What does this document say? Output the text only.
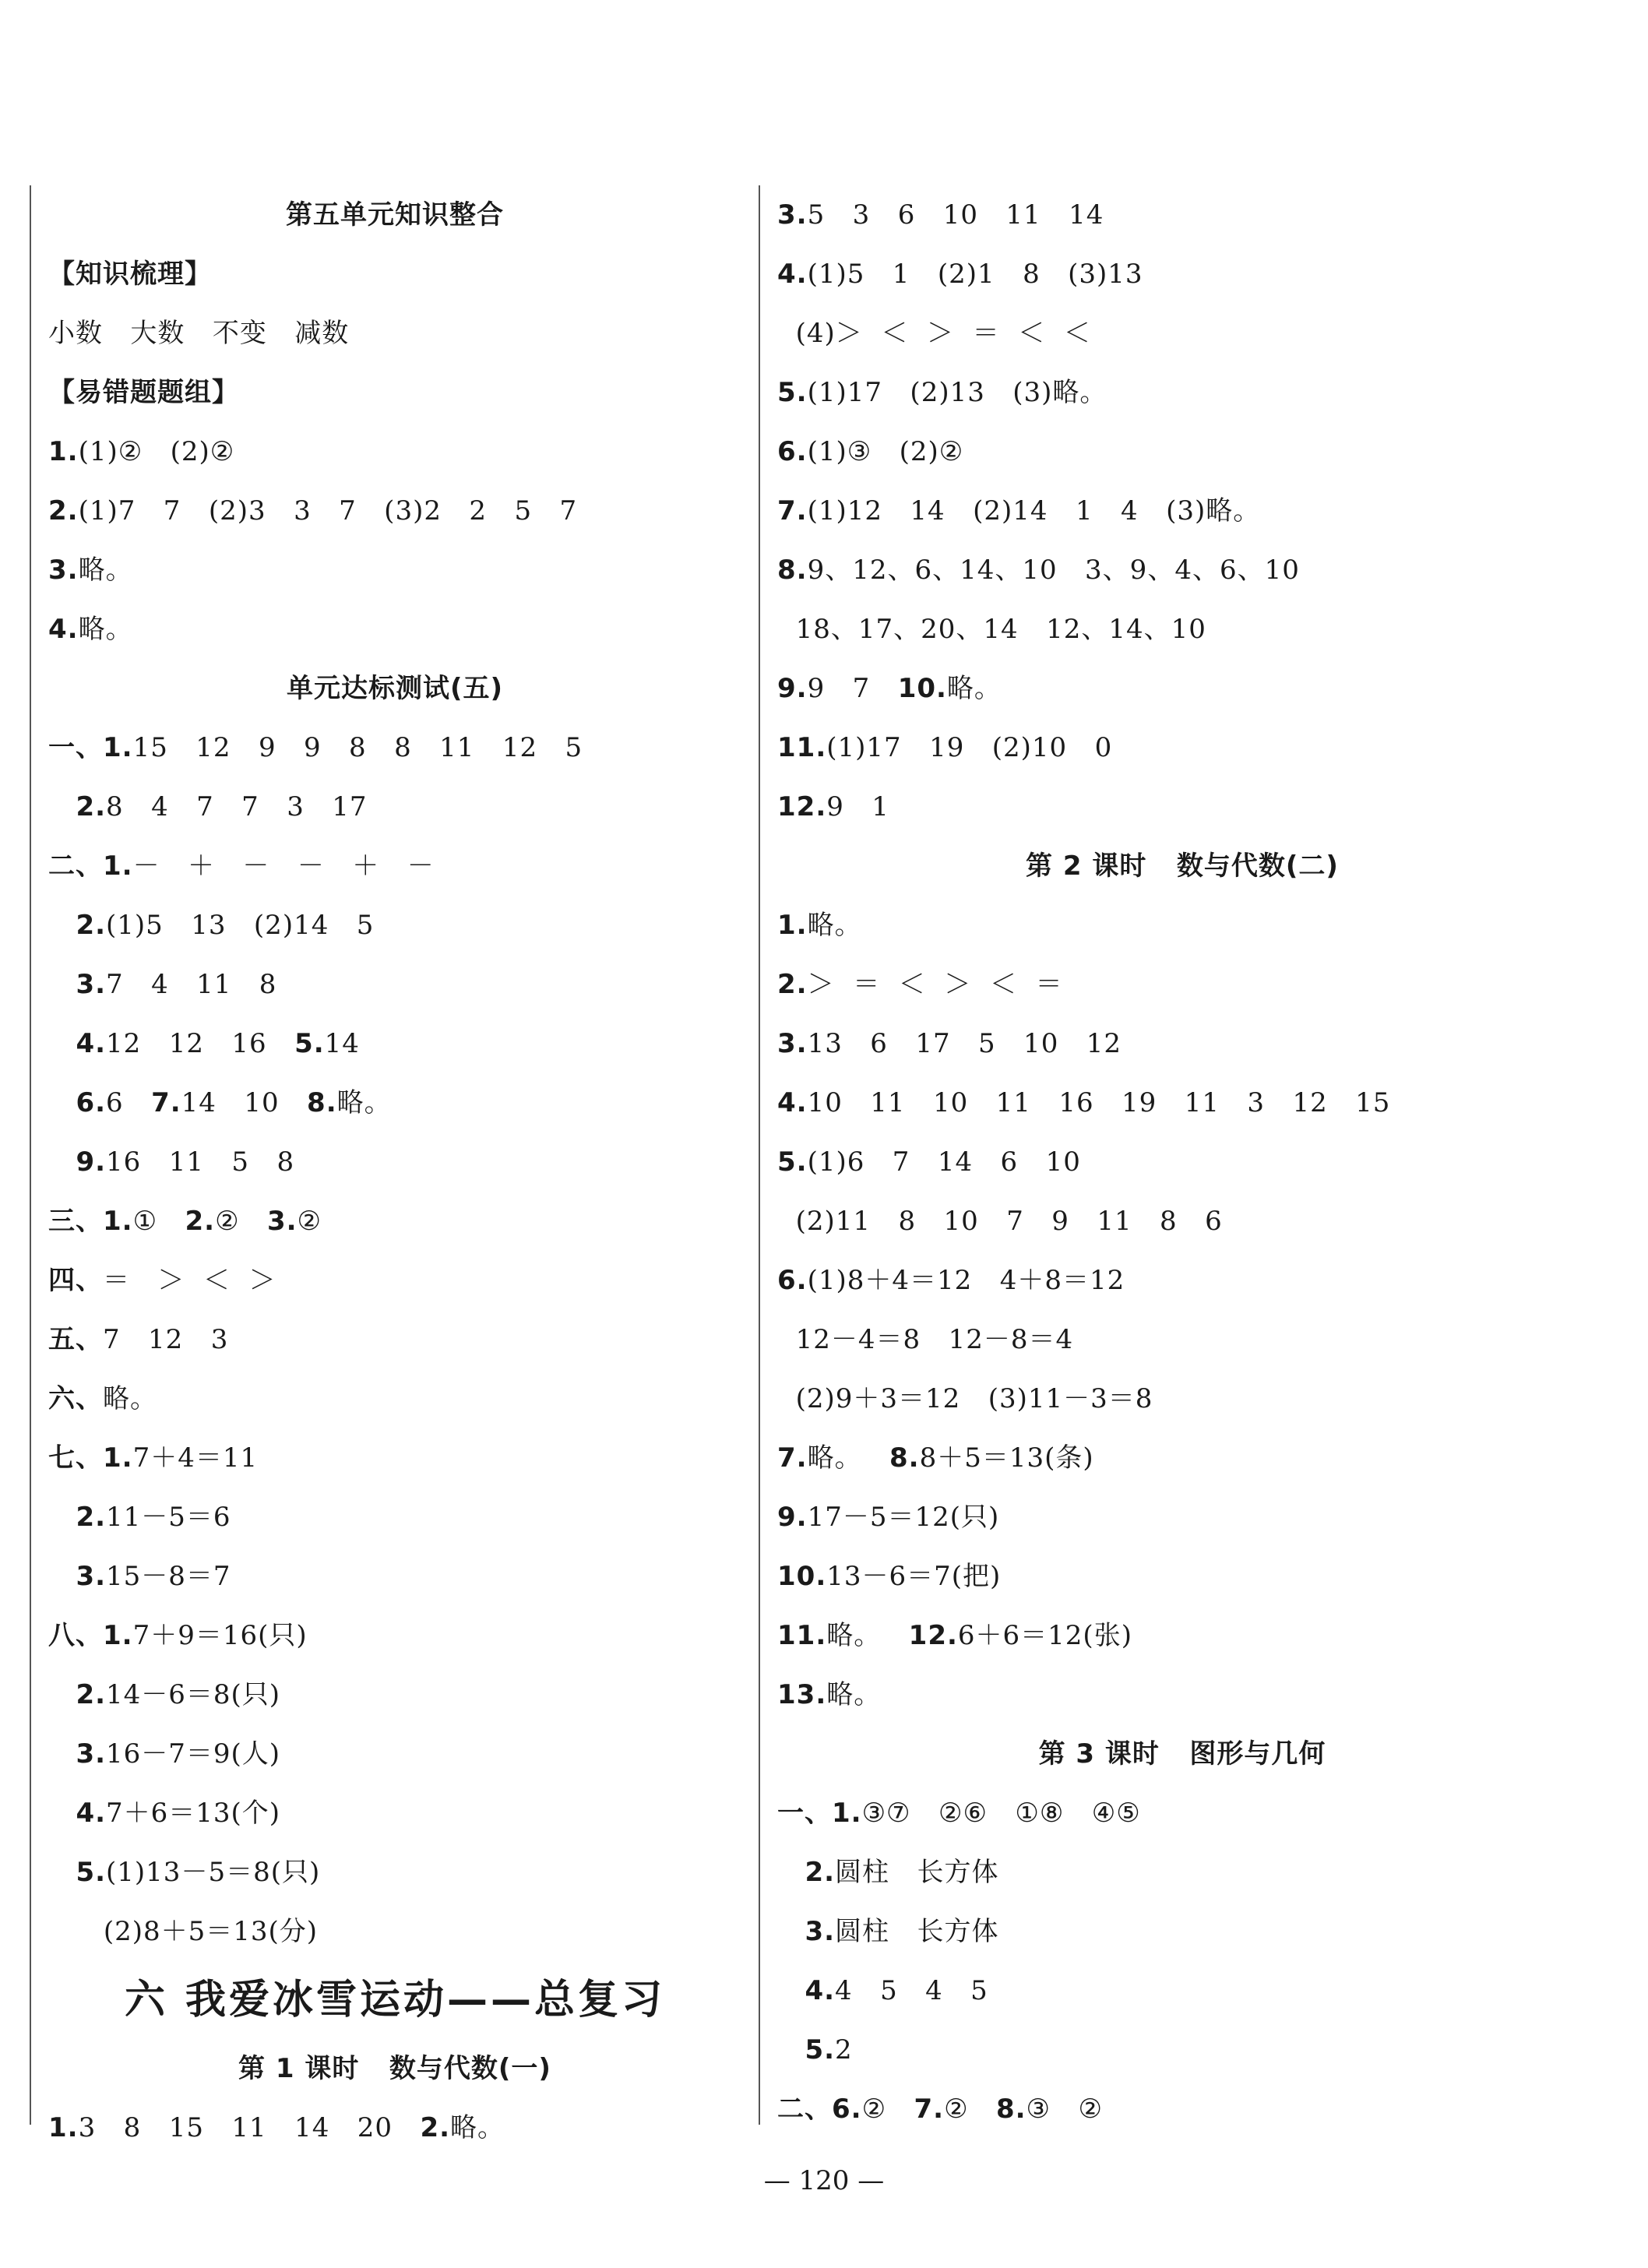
第五单元知识整合
【知识梳理】
小数   大数   不变   减数
【易错题题组】
1.(1)②   (2)②
2.(1)7   7   (2)3   3   7   (3)2   2   5   7
3.略。
4.略。
单元达标测试(五)
一、1.15   12   9   9   8   8   11   12   5
2.8   4   7   7   3   17
二、1.－   ＋   －   －   ＋   －
2.(1)5   13   (2)14   5
3.7   4   11   8
4.12   12   16   5.14
6.6   7.14   10   8.略。
9.16   11   5   8
三、1.①   2.②   3.②
四、＝   ＞  ＜  ＞
五、7   12   3
六、略。
七、1.7＋4＝11
2.11－5＝6
3.15－8＝7
八、1.7＋9＝16(只)
2.14－6＝8(只)
3.16－7＝9(人)
4.7＋6＝13(个)
5.(1)13－5＝8(只)
(2)8＋5＝13(分)
六 我爱冰雪运动——总复习
第 1 课时   数与代数(一)
1.3   8   15   11   14   20   2.略。
3.5   3   6   10   11   14
4.(1)5   1   (2)1   8   (3)13
(4)＞  ＜  ＞  ＝  ＜  ＜
5.(1)17   (2)13   (3)略。
6.(1)③   (2)②
7.(1)12   14   (2)14   1   4   (3)略。
8.9、12、6、14、10   3、9、4、6、10
18、17、20、14   12、14、10
9.9   7   10.略。
11.(1)17   19   (2)10   0
12.9   1
第 2 课时   数与代数(二)
1.略。
2.＞  ＝  ＜  ＞  ＜  ＝
3.13   6   17   5   10   12
4.10   11   10   11   16   19   11   3   12   15
5.(1)6   7   14   6   10
(2)11   8   10   7   9   11   8   6
6.(1)8＋4＝12   4＋8＝12
12－4＝8   12－8＝4
(2)9＋3＝12   (3)11－3＝8
7.略。   8.8＋5＝13(条)
9.17－5＝12(只)
10.13－6＝7(把)
11.略。   12.6＋6＝12(张)
13.略。
第 3 课时   图形与几何
一、1.③⑦   ②⑥   ①⑧   ④⑤
2.圆柱   长方体
3.圆柱   长方体
4.4   5   4   5
5.2
二、6.②   7.②   8.③   ②
— 120 —
